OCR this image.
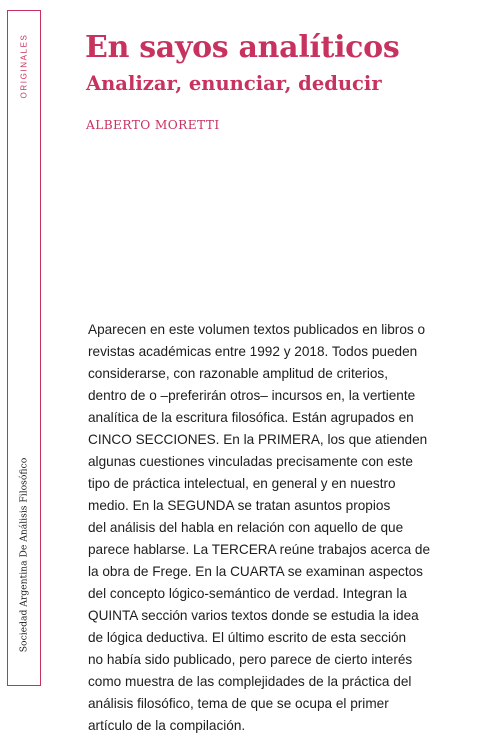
ORIGINALES
Sociedad Argentina De Análisis Filosófico
En sayos analíticos
Analizar, enunciar, deducir
ALBERTO MORETTI
Aparecen en este volumen textos publicados en libros o
revistas académicas entre 1992 y 2018. Todos pueden
considerarse, con razonable amplitud de criterios,
dentro de o –preferirán otros– incursos en, la vertiente
analítica de la escritura filosófica. Están agrupados en
CINCO SECCIONES. En la PRIMERA, los que atienden
algunas cuestiones vinculadas precisamente con este
tipo de práctica intelectual, en general y en nuestro
medio. En la SEGUNDA se tratan asuntos propios
del análisis del habla en relación con aquello de que
parece hablarse. La TERCERA reúne trabajos acerca de
la obra de Frege. En la CUARTA se examinan aspectos
del concepto lógico-semántico de verdad. Integran la
QUINTA sección varios textos donde se estudia la idea
de lógica deductiva. El último escrito de esta sección
no había sido publicado, pero parece de cierto interés
como muestra de las complejidades de la práctica del
análisis filosófico, tema de que se ocupa el primer
artículo de la compilación.
